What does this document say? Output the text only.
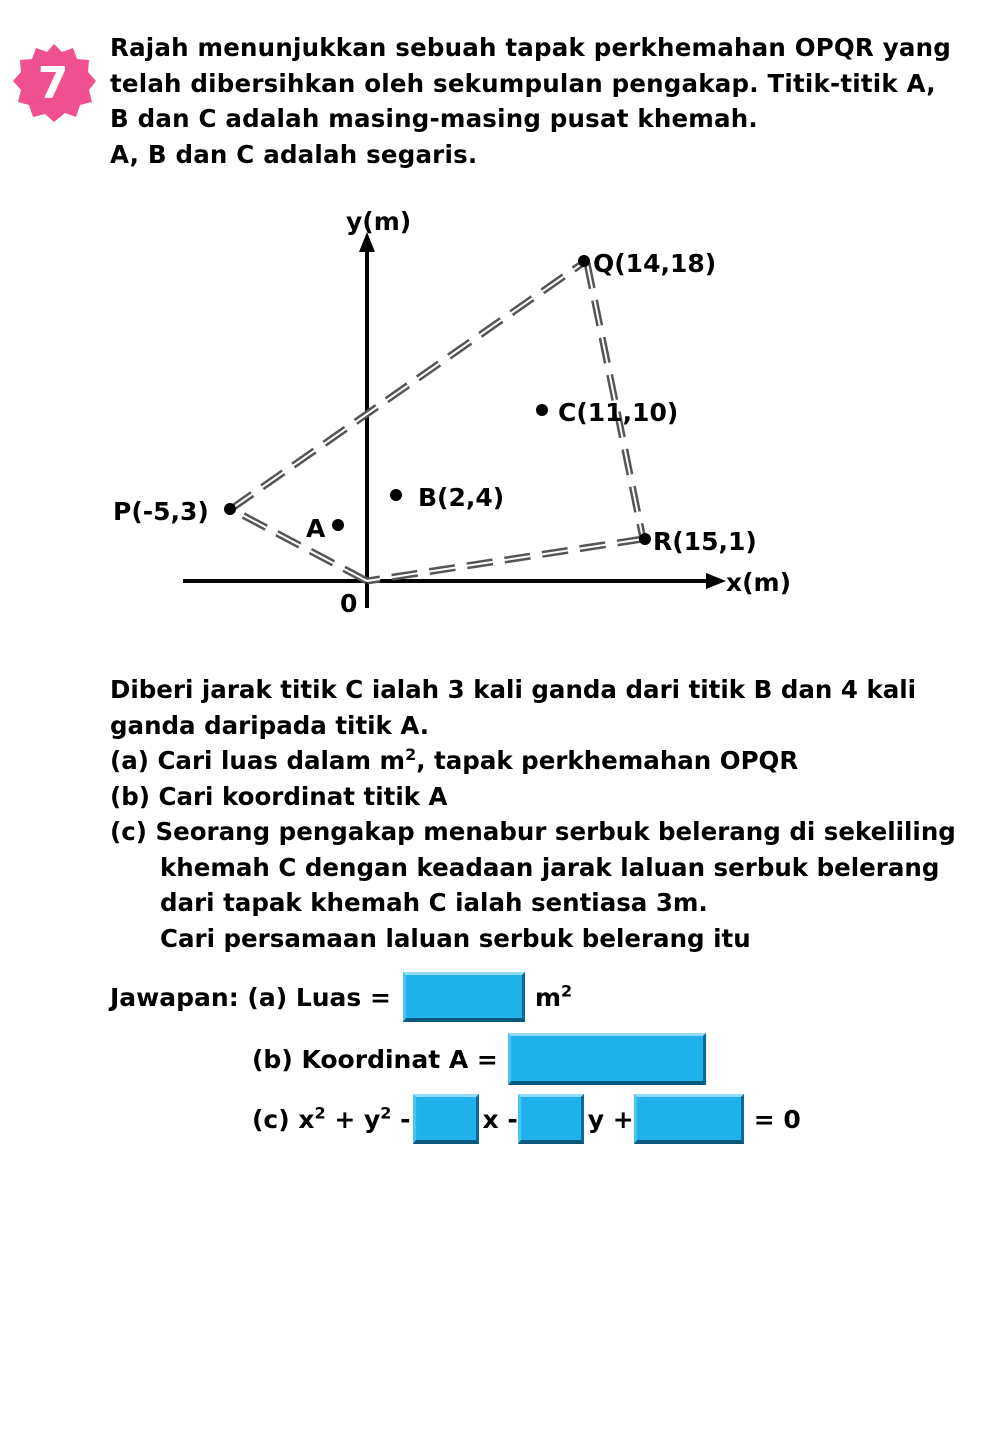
7
Rajah menunjukkan sebuah tapak perkhemahan OPQR yang
telah dibersihkan oleh sekumpulan pengakap. Titik-titik A,
B dan C adalah masing-masing pusat khemah.
A, B dan C adalah segaris.
y(m)
x(m)
0
Q(14,18)
C(11,10)
B(2,4)
P(-5,3)
A	R(15,1)
Diberi jarak titik C ialah 3 kali ganda dari titik B dan 4 kali
ganda daripada titik A.
(a) Cari luas dalam $m^2$, tapak perkhemahan OPQR
(b) Cari koordinat titik A
(c) Seorang pengakap menabur serbuk belerang di sekeliling
khemah C dengan keadaan jarak laluan serbuk belerang
dari tapak khemah C ialah sentiasa 3m.
Cari persamaan laluan serbuk belerang itu
Jawapan: (a) Luas =	$m^2$
(b) Koordinat A =
(c) $x^2 + y^2$ -	x -	y +	= 0
